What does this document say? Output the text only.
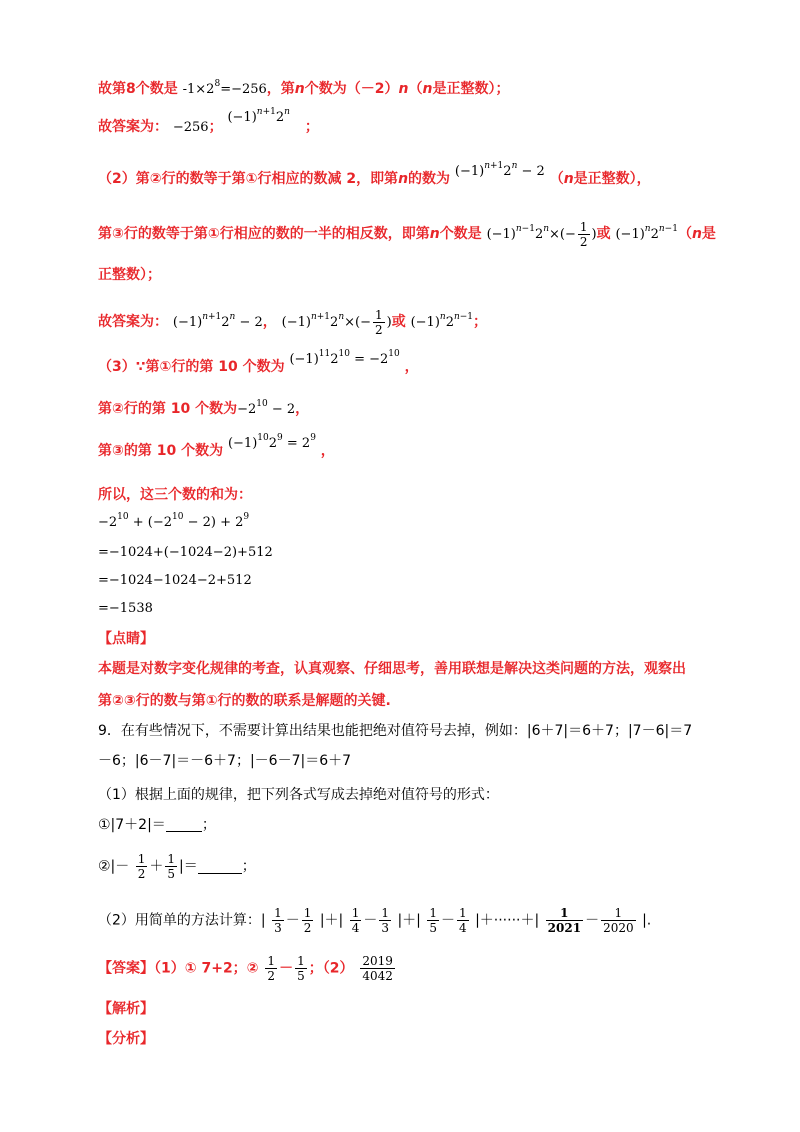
故第8个数是 $-1\times 2^8=-256$，第n个数为（－2）n（n是正整数）；
故答案为： −256； $(-1)^{n+1}2^n$ ；
（2）第②行的数等于第①行相应的数减 2，即第n的数为 $(-1)^{n+1}2^n - 2$ （n是正整数），
第③行的数等于第①行相应的数的一半的相反数，即第n个数是 $(-1)^{n-1}2^n\times(- \frac{1}{2}$ )或 $(-1)^n2^{n-1}(n$是
正整数）；
故答案为： $(-1)^{n+1}2^n - 2$， $(-1)^{n+1}2^n\times(- \frac{1}{2}$ )或 $(-1)^n2^{n-1}$；
（3）∵第①行的第 10 个数为 $(-1)^{11}2^{10} = -2^{10}$ ，
第②行的第 10 个数为$-2^{10} - 2$，
第③的第 10 个数为 $(-1)^{10}2^9 = 2^9$ ，
所以，这三个数的和为：
$-2^{10} + (-2^{10} - 2) + 2^9$
=−1024+(−1024−2)+512
=−1024−1024−2+512
=−1538
【点睛】
本题是对数字变化规律的考查，认真观察、仔细思考，善用联想是解决这类问题的方法，观察出
第②③行的数与第①行的数的联系是解题的关键.
9．在有些情况下，不需要计算出结果也能把绝对值符号去掉，例如：|6＋7|＝6＋7；|7－6|＝7
－6；|6－7|＝－6＋7；|－6－7|＝6＋7
（1）根据上面的规律，把下列各式写成去掉绝对值符号的形式：
①|7＋2|＝	；
②|－ $\frac{1}{2} + \frac{1}{5}$ |＝	；
（2）用简单的方法计算：| $\frac{1}{3} - \frac{1}{2}$ |＋| $\frac{1}{4} - \frac{1}{3}$ |＋| $\frac{1}{5} - \frac{1}{4}$ |＋······＋| $\frac{1}{2021} - \frac{1}{2020}$ |.
【答案】（1）① 7+2；② $\frac{1}{2} - \frac{1}{5}$ ；$(2) \frac{2019}{4042}$
【解析】
【分析】
